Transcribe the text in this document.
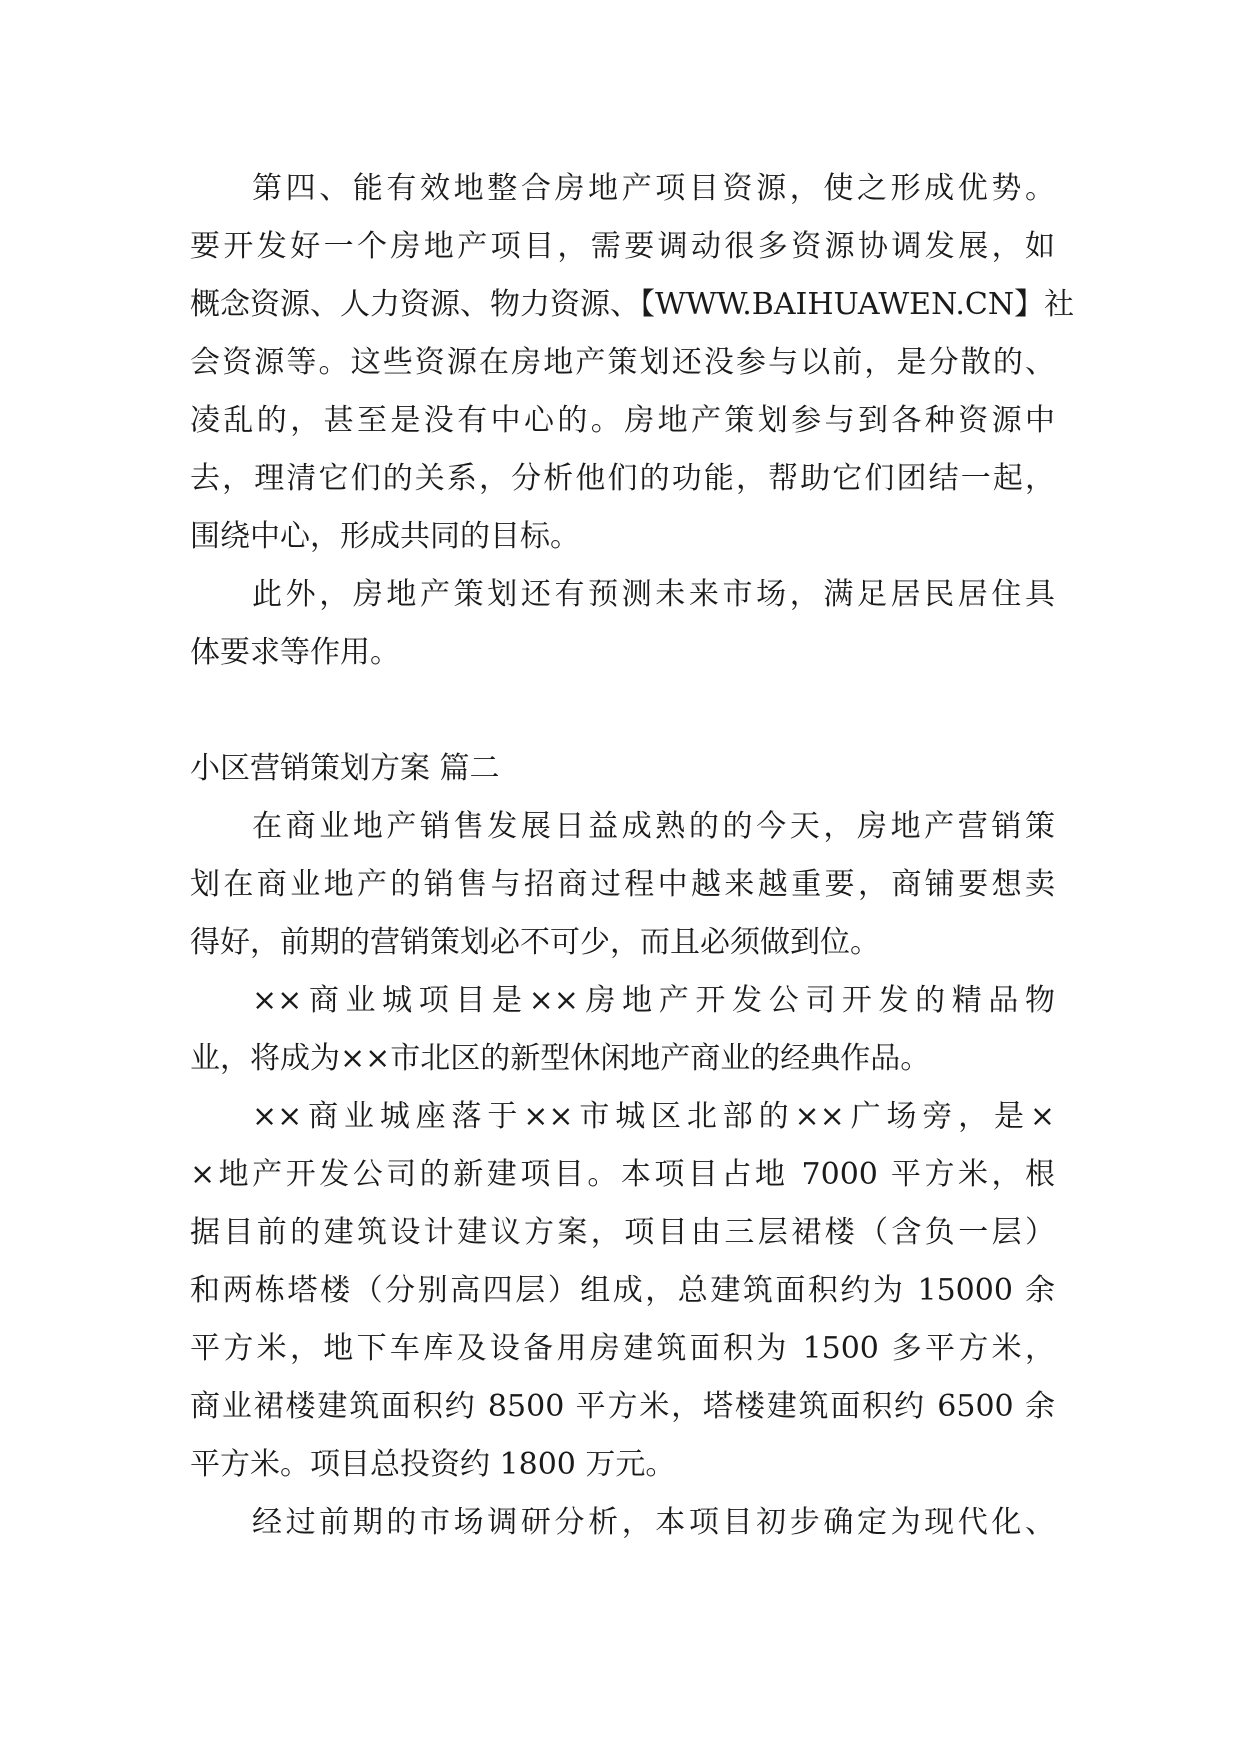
第四、能有效地整合房地产项目资源，使之形成优势。
要开发好一个房地产项目，需要调动很多资源协调发展，如
概念资源、人力资源、物力资源、【WWW.BAIHUAWEN.CN】社
会资源等。这些资源在房地产策划还没参与以前，是分散的、
凌乱的，甚至是没有中心的。房地产策划参与到各种资源中
去，理清它们的关系，分析他们的功能，帮助它们团结一起，
围绕中心，形成共同的目标。
此外，房地产策划还有预测未来市场，满足居民居住具
体要求等作用。
小区营销策划方案 篇二
在商业地产销售发展日益成熟的的今天，房地产营销策
划在商业地产的销售与招商过程中越来越重要，商铺要想卖
得好，前期的营销策划必不可少，而且必须做到位。
××商业城项目是××房地产开发公司开发的精品物
业，将成为××市北区的新型休闲地产商业的经典作品。
××商业城座落于××市城区北部的××广场旁，是×
×地产开发公司的新建项目。本项目占地 7000 平方米，根
据目前的建筑设计建议方案，项目由三层裙楼（含负一层）
和两栋塔楼（分别高四层）组成，总建筑面积约为 15000 余
平方米，地下车库及设备用房建筑面积为 1500 多平方米，
商业裙楼建筑面积约 8500 平方米，塔楼建筑面积约 6500 余
平方米。项目总投资约 1800 万元。
经过前期的市场调研分析，本项目初步确定为现代化、
